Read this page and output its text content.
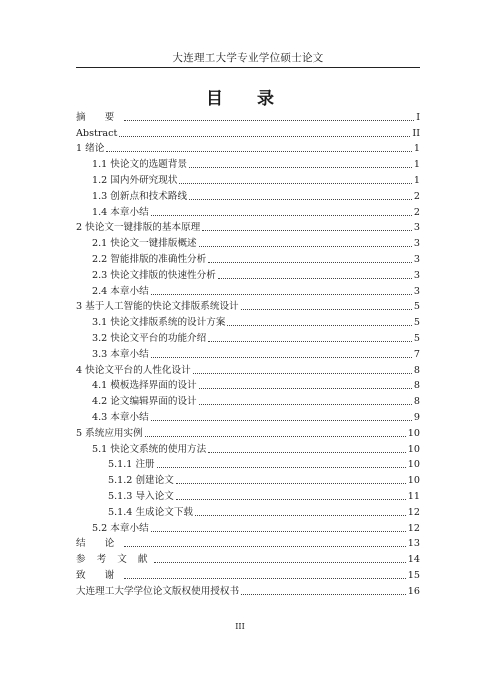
大连理工大学专业学位硕士论文
目 录
摘 要	I
Abstract	II
1 绪论	1
1.1 快论文的选题背景	1
1.2 国内外研究现状	1
1.3 创新点和技术路线	2
1.4 本章小结	2
2 快论文一键排版的基本原理	3
2.1 快论文一键排版概述	3
2.2 智能排版的准确性分析	3
2.3 快论文排版的快速性分析	3
2.4 本章小结	3
3 基于人工智能的快论文排版系统设计	5
3.1 快论文排版系统的设计方案	5
3.2 快论文平台的功能介绍	5
3.3 本章小结	7
4 快论文平台的人性化设计	8
4.1 模板选择界面的设计	8
4.2 论文编辑界面的设计	8
4.3 本章小结	9
5 系统应用实例	10
5.1 快论文系统的使用方法	10
5.1.1 注册	10
5.1.2 创建论文	10
5.1.3 导入论文	11
5.1.4 生成论文下载	12
5.2 本章小结	12
结 论	13
参 考 文 献	14
致 谢	15
大连理工大学学位论文版权使用授权书	16
III
